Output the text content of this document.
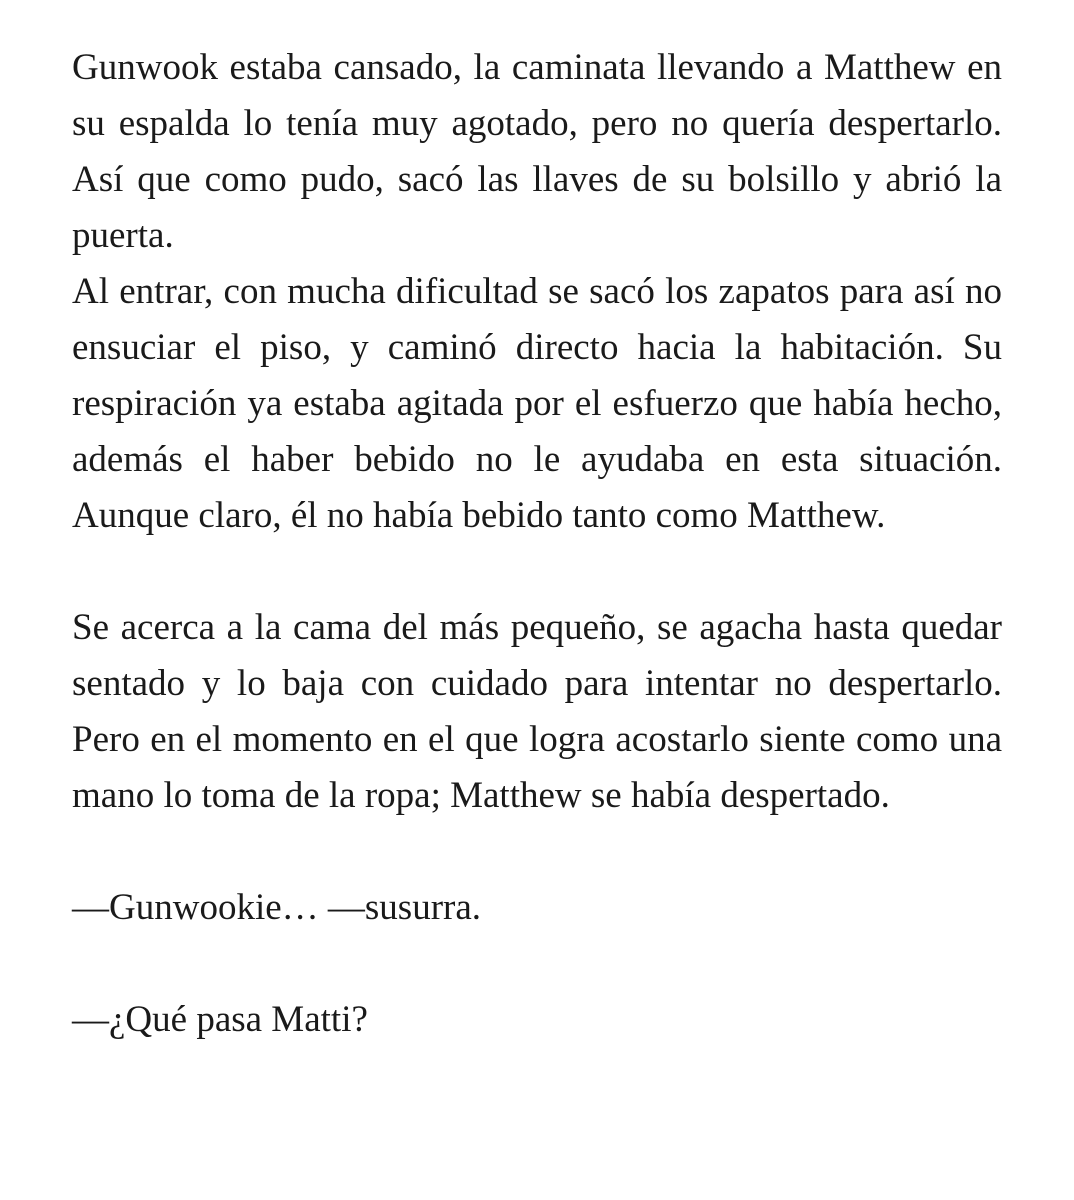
Gunwook estaba cansado, la caminata llevando a Matthew en su espalda lo tenía muy agotado, pero no quería despertarlo. Así que como pudo, sacó las llaves de su bolsillo y abrió la puerta.

Al entrar, con mucha dificultad se sacó los zapatos para así no ensuciar el piso, y caminó directo hacia la habitación. Su respiración ya estaba agitada por el esfuerzo que había hecho, además el haber bebido no le ayudaba en esta situación. Aunque claro, él no había bebido tanto como Matthew.

Se acerca a la cama del más pequeño, se agacha hasta quedar sentado y lo baja con cuidado para intentar no despertarlo. Pero en el momento en el que logra acostarlo siente como una mano lo toma de la ropa; Matthew se había despertado.

—Gunwookie… —susurra.

—¿Qué pasa Matti?
